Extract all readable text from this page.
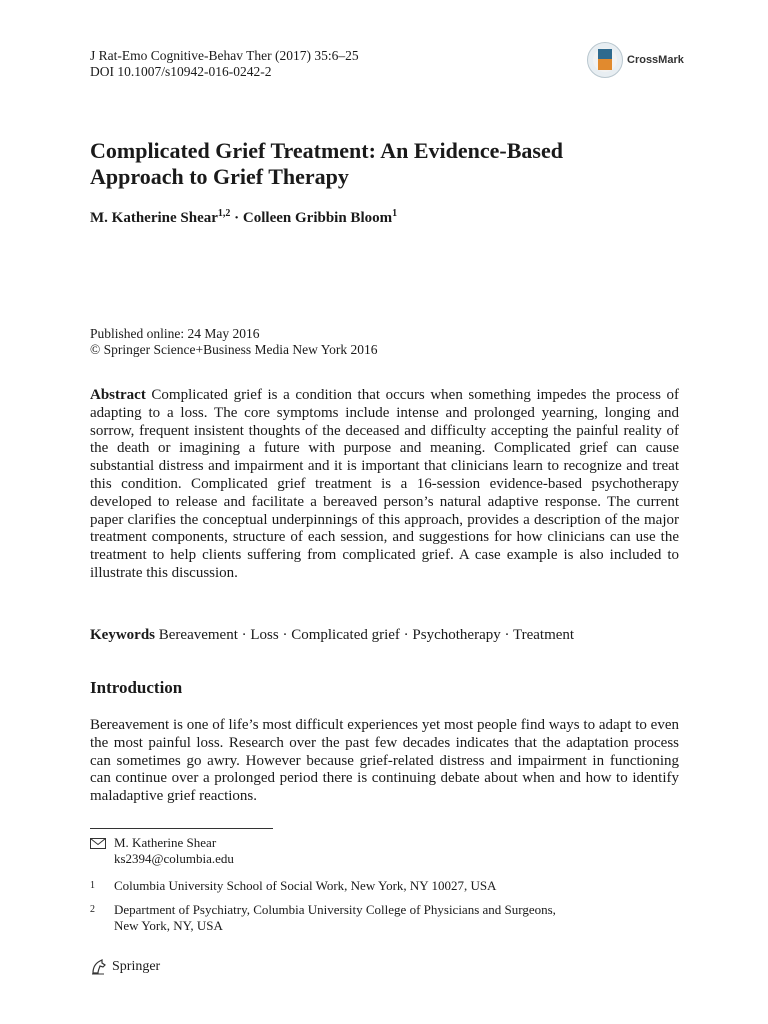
J Rat-Emo Cognitive-Behav Ther (2017) 35:6–25
DOI 10.1007/s10942-016-0242-2
CrossMark
Complicated Grief Treatment: An Evidence-Based
Approach to Grief Therapy
M. Katherine Shear$^{1,2}$ · Colleen Gribbin Bloom$^1$
Published online: 24 May 2016
© Springer Science+Business Media New York 2016
Abstract Complicated grief is a condition that occurs when something impedes the process of adapting to a loss. The core symptoms include intense and prolonged yearning, longing and sorrow, frequent insistent thoughts of the deceased and difficulty accepting the painful reality of the death or imagining a future with purpose and meaning. Complicated grief can cause substantial distress and impairment and it is important that clinicians learn to recognize and treat this condition. Complicated grief treatment is a 16-session evidence-based psychotherapy developed to release and facilitate a bereaved person’s natural adaptive response. The current paper clarifies the conceptual underpinnings of this approach, provides a description of the major treatment components, structure of each session, and suggestions for how clinicians can use the treatment to help clients suffering from complicated grief. A case example is also included to illustrate this discussion.
Keywords Bereavement · Loss · Complicated grief · Psychotherapy · Treatment
Introduction
Bereavement is one of life’s most difficult experiences yet most people find ways to adapt to even the most painful loss. Research over the past few decades indicates that the adaptation process can sometimes go awry. However because grief-related distress and impairment in functioning can continue over a prolonged period there is continuing debate about when and how to identify maladaptive grief reactions.
M. Katherine Shear
ks2394@columbia.edu
1	Columbia University School of Social Work, New York, NY 10027, USA
2	Department of Psychiatry, Columbia University College of Physicians and Surgeons,
New York, NY, USA
Springer
